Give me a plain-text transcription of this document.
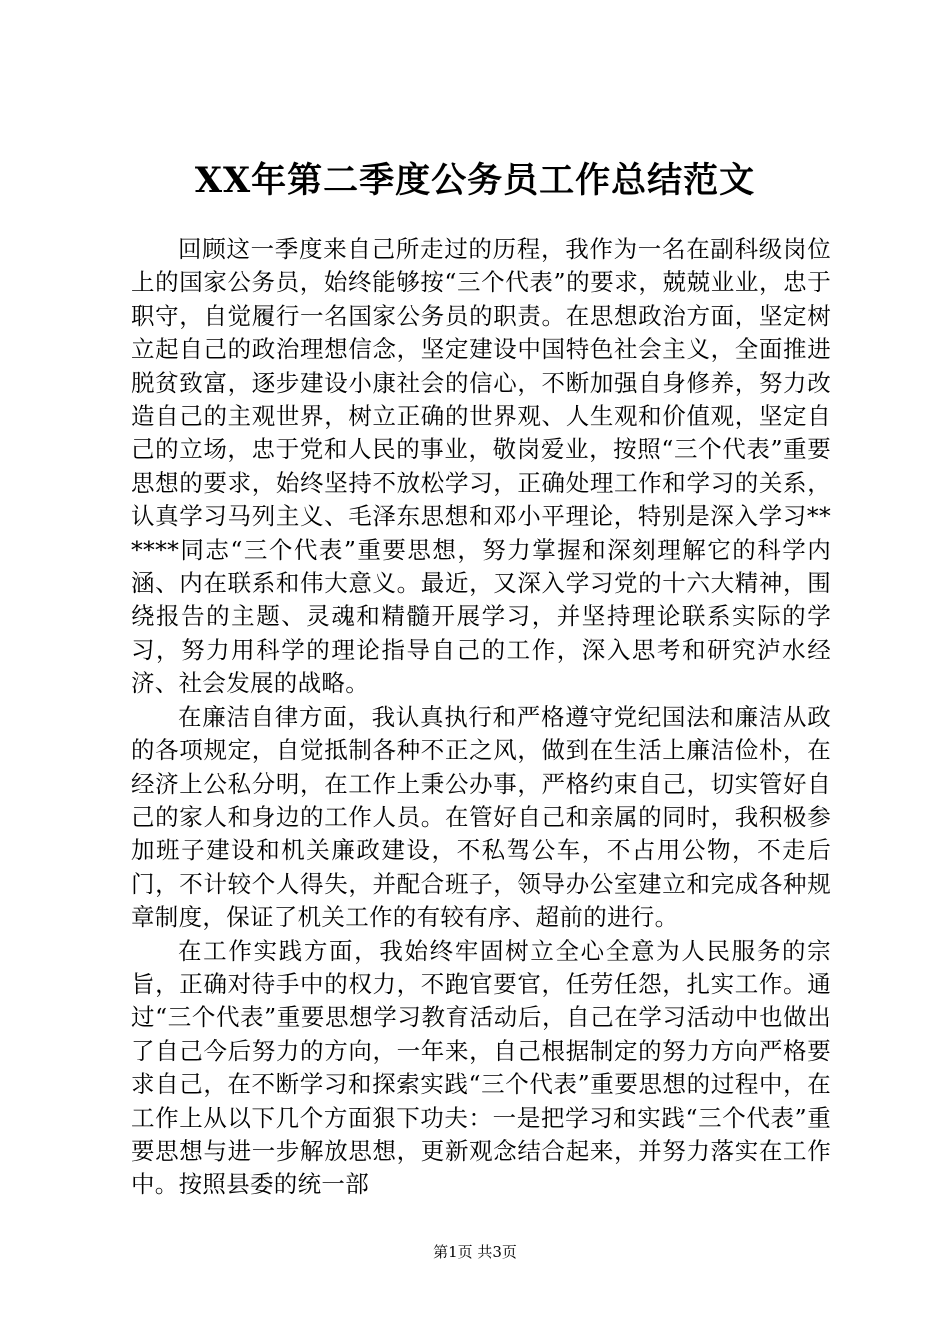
XX年第二季度公务员工作总结范文

回顾这一季度来自己所走过的历程，我作为一名在副科级岗位上的国家公务员，始终能够按“三个代表”的要求，兢兢业业，忠于职守，自觉履行一名国家公务员的职责。在思想政治方面，坚定树立起自己的政治理想信念，坚定建设中国特色社会主义，全面推进脱贫致富，逐步建设小康社会的信心，不断加强自身修养，努力改造自己的主观世界，树立正确的世界观、人生观和价值观，坚定自己的立场，忠于党和人民的事业，敬岗爱业，按照“三个代表”重要思想的要求，始终坚持不放松学习，正确处理工作和学习的关系，认真学习马列主义、毛泽东思想和邓小平理论，特别是深入学习******同志“三个代表”重要思想，努力掌握和深刻理解它的科学内涵、内在联系和伟大意义。最近，又深入学习党的十六大精神，围绕报告的主题、灵魂和精髓开展学习，并坚持理论联系实际的学习，努力用科学的理论指导自己的工作，深入思考和研究泸水经济、社会发展的战略。

在廉洁自律方面，我认真执行和严格遵守党纪国法和廉洁从政的各项规定，自觉抵制各种不正之风，做到在生活上廉洁俭朴，在经济上公私分明，在工作上秉公办事，严格约束自己，切实管好自己的家人和身边的工作人员。在管好自己和亲属的同时，我积极参加班子建设和机关廉政建设，不私驾公车，不占用公物，不走后门，不计较个人得失，并配合班子，领导办公室建立和完成各种规章制度，保证了机关工作的有较有序、超前的进行。

在工作实践方面，我始终牢固树立全心全意为人民服务的宗旨，正确对待手中的权力，不跑官要官，任劳任怨，扎实工作。通过“三个代表”重要思想学习教育活动后，自己在学习活动中也做出了自己今后努力的方向，一年来，自己根据制定的努力方向严格要求自己，在不断学习和探索实践“三个代表”重要思想的过程中，在工作上从以下几个方面狠下功夫：一是把学习和实践“三个代表”重要思想与进一步解放思想，更新观念结合起来，并努力落实在工作中。按照县委的统一部

第1页 共3页
